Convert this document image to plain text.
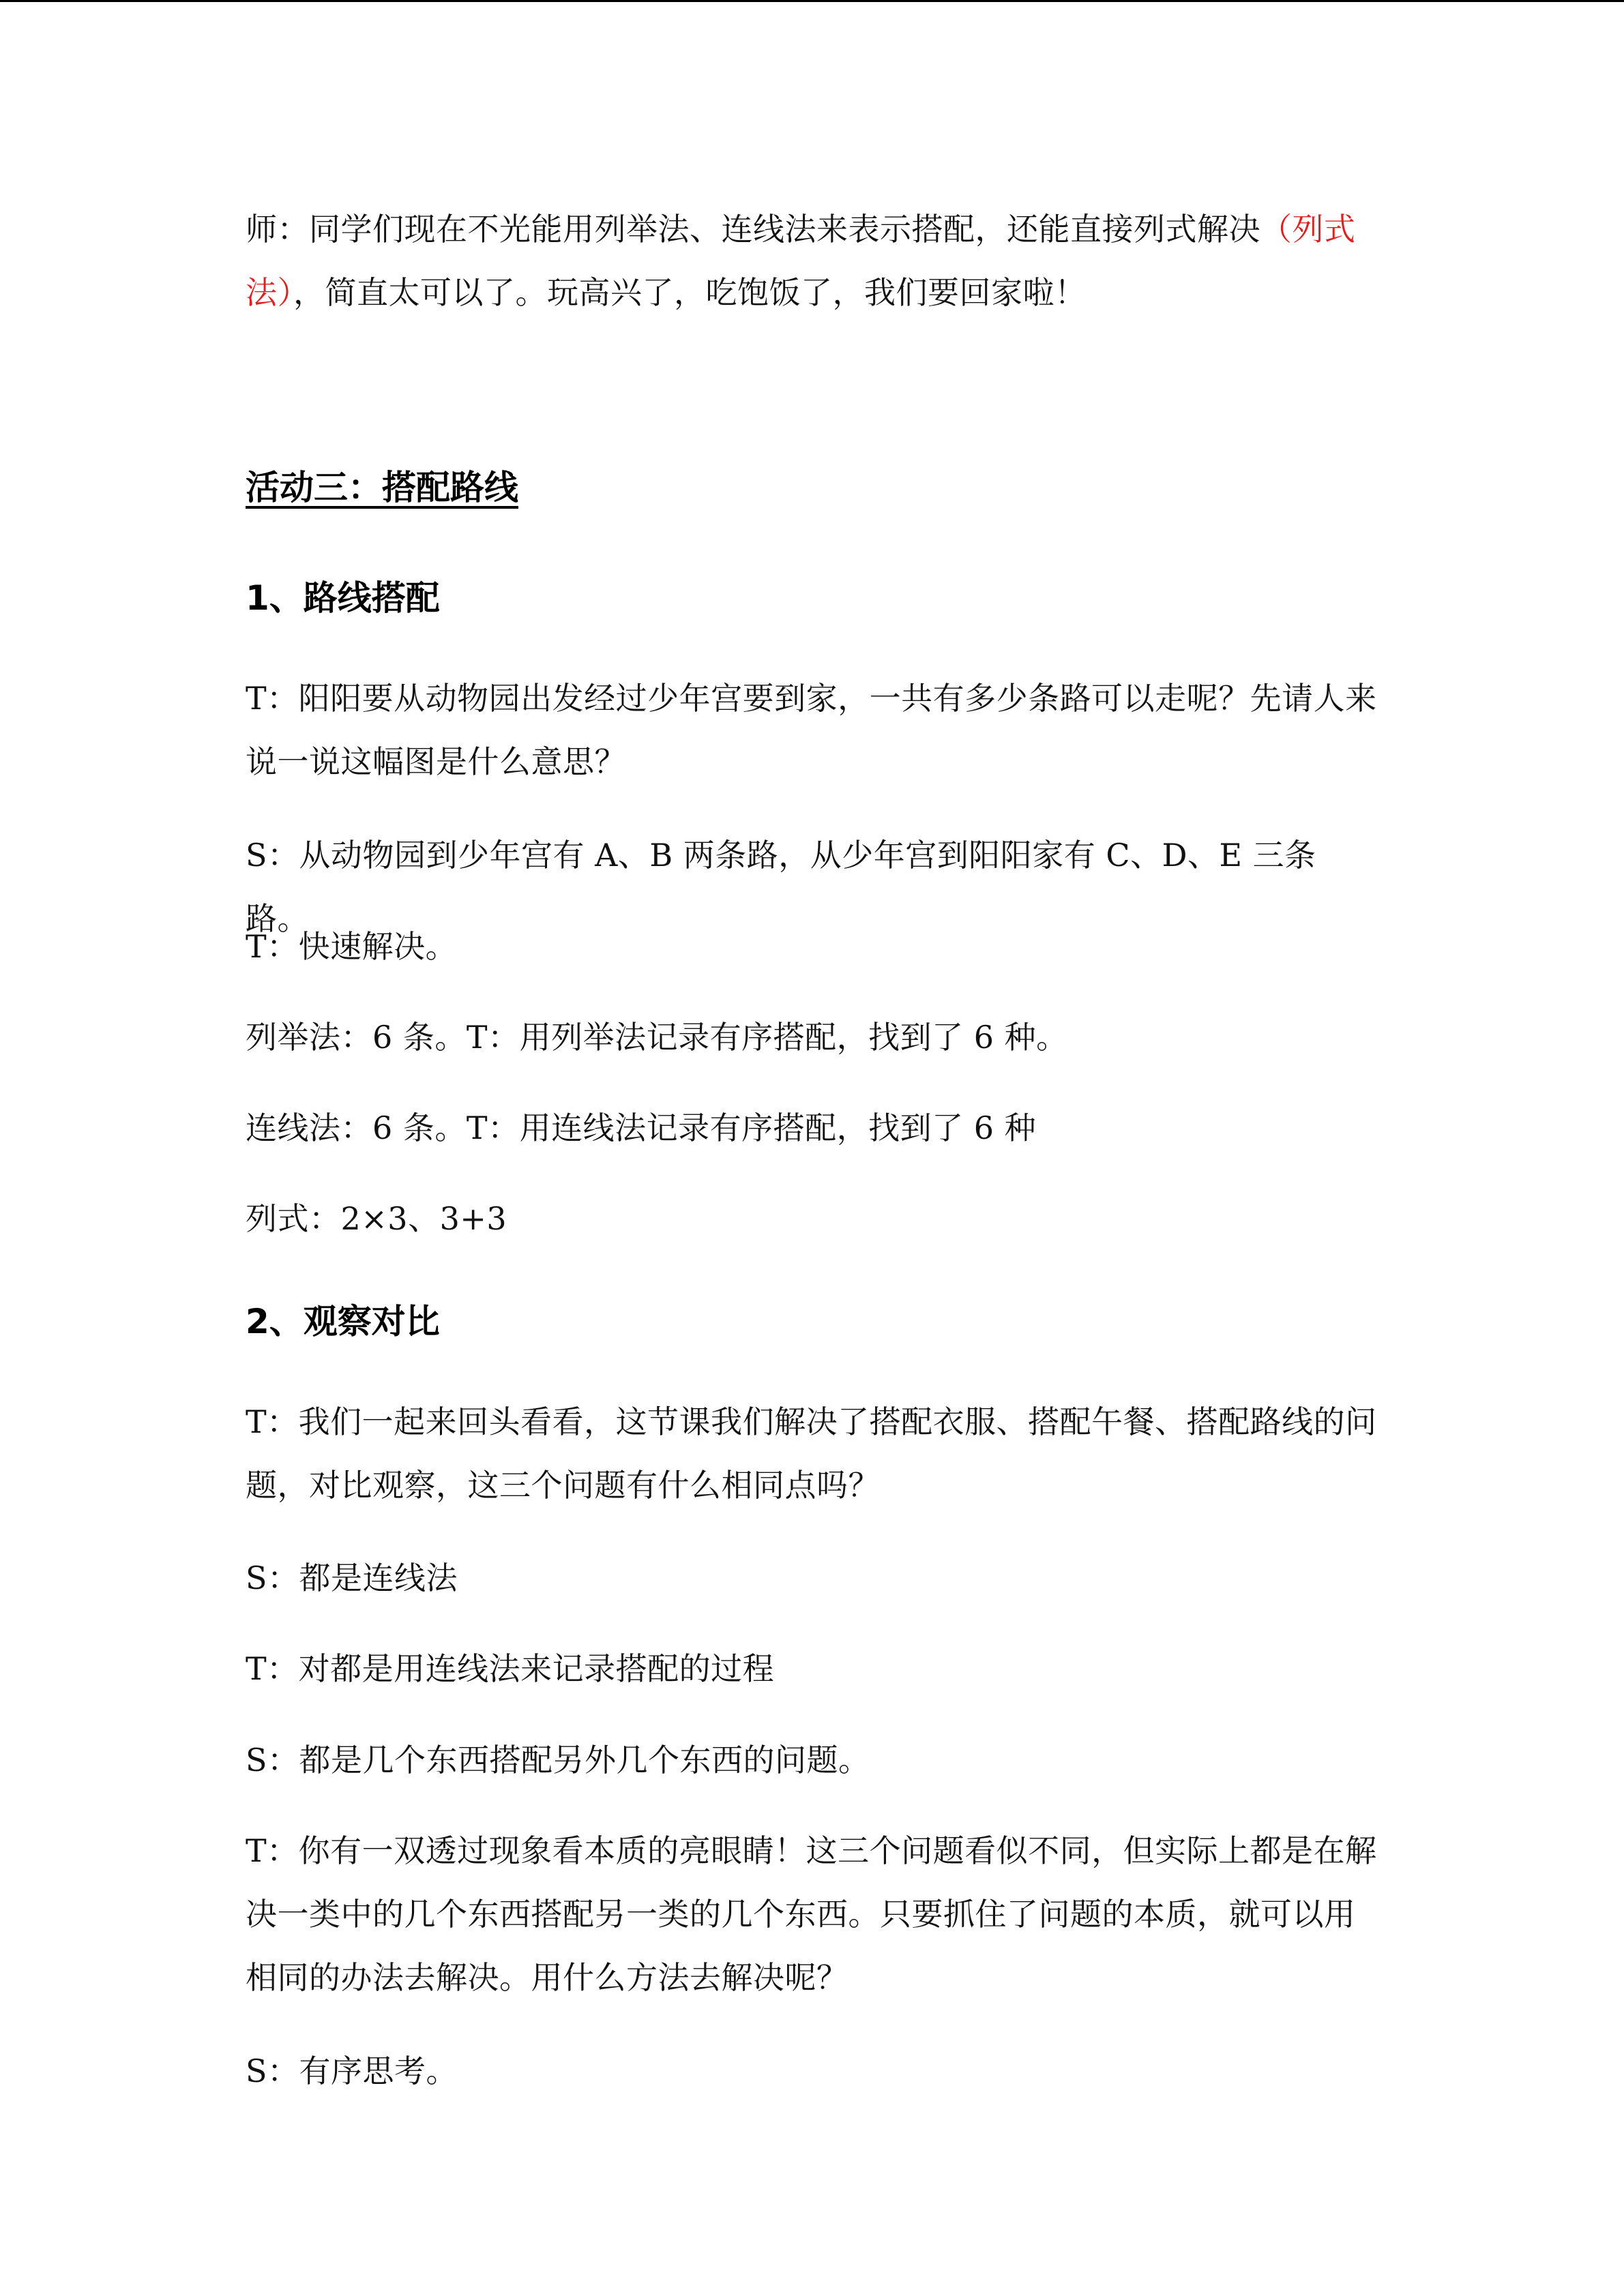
师：同学们现在不光能用列举法、连线法来表示搭配，还能直接列式解决（列式法），简直太可以了。玩高兴了，吃饱饭了，我们要回家啦！

活动三：搭配路线
1、路线搭配

T：阳阳要从动物园出发经过少年宫要到家，一共有多少条路可以走呢？先请人来说一说这幅图是什么意思？

S：从动物园到少年宫有 A、B 两条路，从少年宫到阳阳家有 C、D、E 三条路。

T：快速解决。

列举法：6 条。T：用列举法记录有序搭配，找到了 6 种。

连线法：6 条。T：用连线法记录有序搭配，找到了 6 种

列式：2×3、3+3

2、观察对比

T：我们一起来回头看看，这节课我们解决了搭配衣服、搭配午餐、搭配路线的问题，对比观察，这三个问题有什么相同点吗？

S：都是连线法

T：对都是用连线法来记录搭配的过程

S：都是几个东西搭配另外几个东西的问题。

T：你有一双透过现象看本质的亮眼睛！这三个问题看似不同，但实际上都是在解决一类中的几个东西搭配另一类的几个东西。只要抓住了问题的本质，就可以用相同的办法去解决。用什么方法去解决呢？

S：有序思考。
